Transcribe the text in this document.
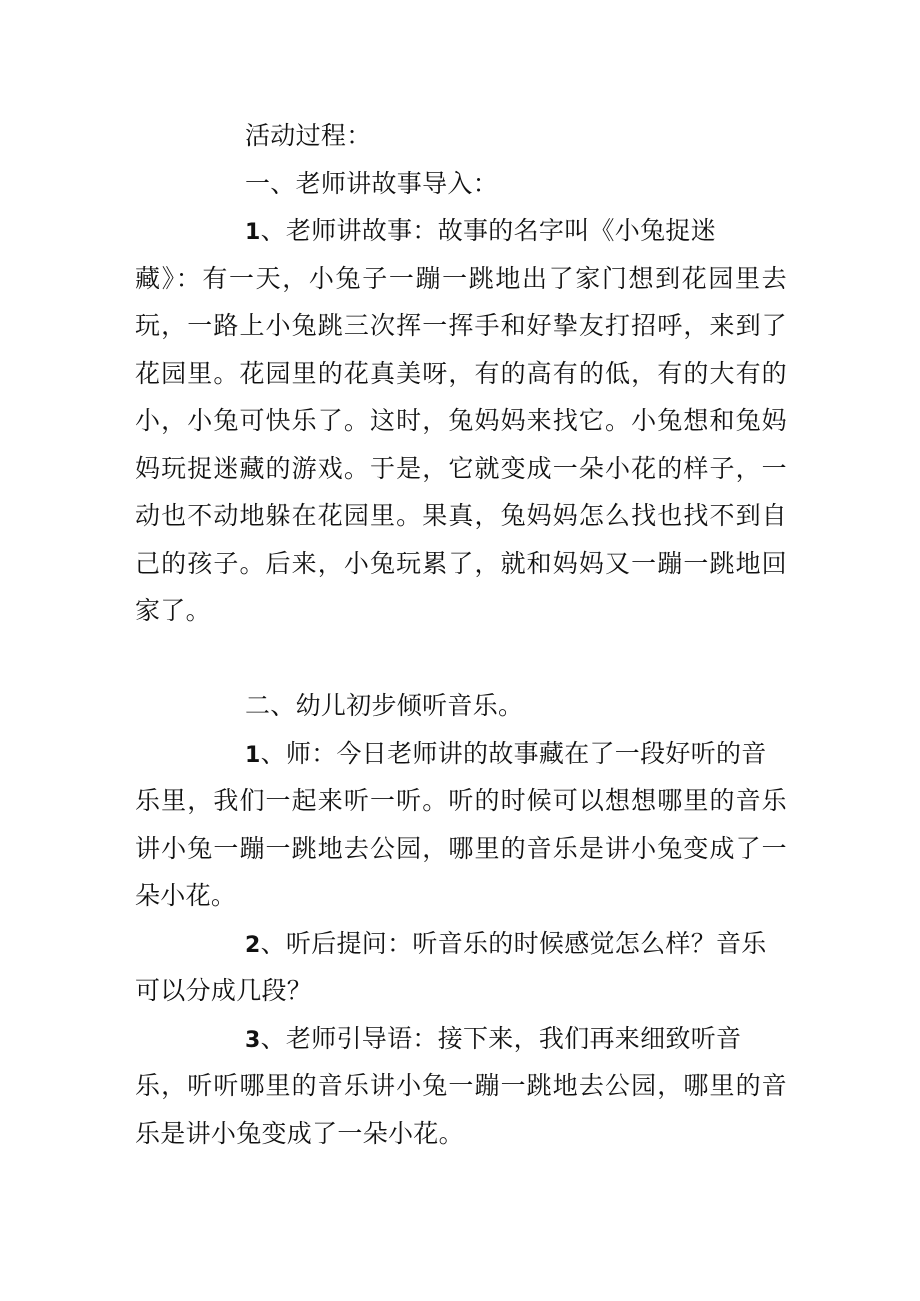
活动过程：
一、老师讲故事导入：
1、老师讲故事：故事的名字叫《小兔捉迷
藏》：有一天，小兔子一蹦一跳地出了家门想到花园里去
玩，一路上小兔跳三次挥一挥手和好挚友打招呼，来到了
花园里。花园里的花真美呀，有的高有的低，有的大有的
小，小兔可快乐了。这时，兔妈妈来找它。小兔想和兔妈
妈玩捉迷藏的游戏。于是，它就变成一朵小花的样子，一
动也不动地躲在花园里。果真，兔妈妈怎么找也找不到自
己的孩子。后来，小兔玩累了，就和妈妈又一蹦一跳地回
家了。
二、幼儿初步倾听音乐。
1、师：今日老师讲的故事藏在了一段好听的音
乐里，我们一起来听一听。听的时候可以想想哪里的音乐
讲小兔一蹦一跳地去公园，哪里的音乐是讲小兔变成了一
朵小花。
2、听后提问：听音乐的时候感觉怎么样？音乐
可以分成几段？
3、老师引导语：接下来，我们再来细致听音
乐，听听哪里的音乐讲小兔一蹦一跳地去公园，哪里的音
乐是讲小兔变成了一朵小花。
